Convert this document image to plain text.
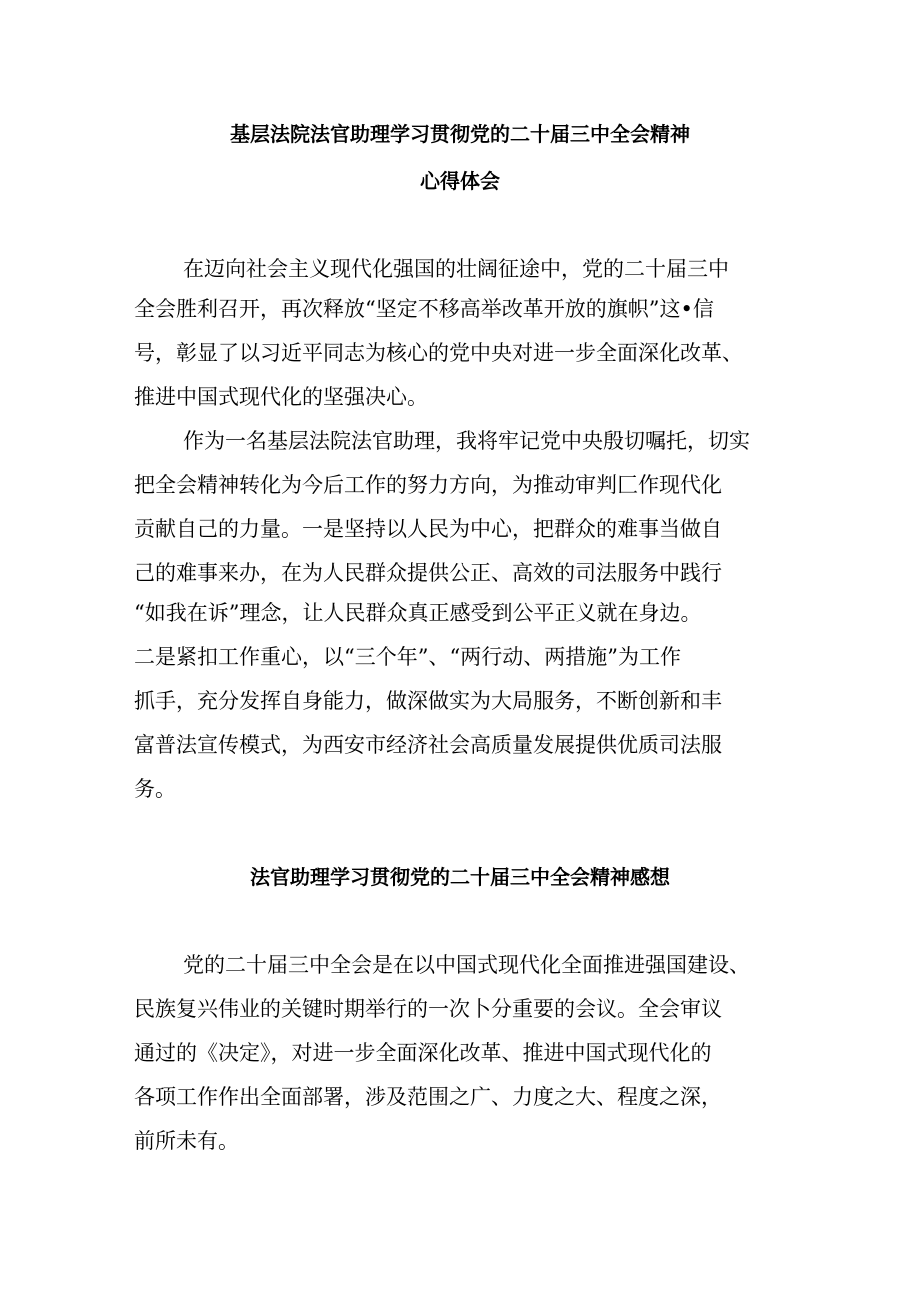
基层法院法官助理学习贯彻党的二十届三中全会精神
心得体会
在迈向社会主义现代化强国的壮阔征途中，党的二十届三中
全会胜利召开，再次释放“坚定不移高举改革开放的旗帜”这•信
号，彰显了以习近平同志为核心的党中央对进一步全面深化改革、
推进中国式现代化的坚强决心。
作为一名基层法院法官助理，我将牢记党中央殷切嘱托，切实
把全会精神转化为今后工作的努力方向，为推动审判匚作现代化
贡献自己的力量。一是坚持以人民为中心，把群众的难事当做自
己的难事来办，在为人民群众提供公正、高效的司法服务中践行
“如我在诉”理念，让人民群众真正感受到公平正义就在身边。
二是紧扣工作重心，以“三个年”、“两行动、两措施”为工作
抓手，充分发挥自身能力，做深做实为大局服务，不断创新和丰
富普法宣传模式，为西安市经济社会高质量发展提供优质司法服
务。
法官助理学习贯彻党的二十届三中全会精神感想
党的二十届三中全会是在以中国式现代化全面推进强国建设、
民族复兴伟业的关键时期举行的一次卜分重要的会议。全会审议
通过的《决定》，对进一步全面深化改革、推进中国式现代化的
各项工作作出全面部署，涉及范围之广、力度之大、程度之深，
前所未有。
